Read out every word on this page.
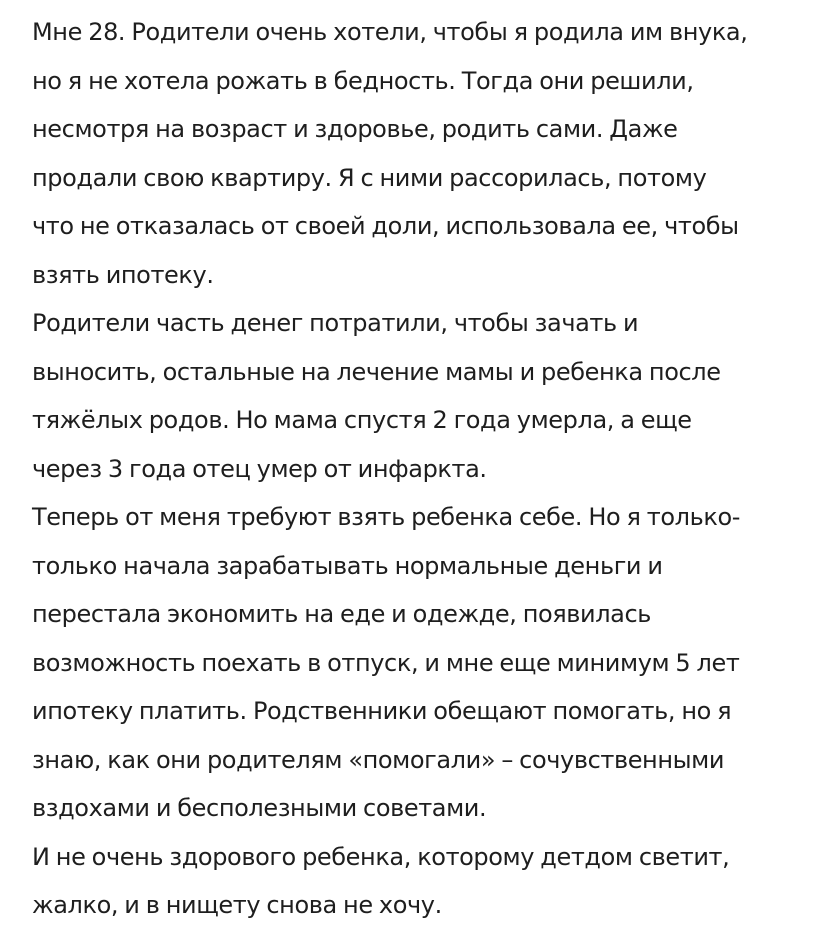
Мне 28. Родители очень хотели, чтобы я родила им внука,
но я не хотела рожать в бедность. Тогда они решили,
несмотря на возраст и здоровье, родить сами. Даже
продали свою квартиру. Я с ними рассорилась, потому
что не отказалась от своей доли, использовала ее, чтобы
взять ипотеку.
Родители часть денег потратили, чтобы зачать и
выносить, остальные на лечение мамы и ребенка после
тяжёлых родов. Но мама спустя 2 года умерла, а еще
через 3 года отец умер от инфаркта.
Теперь от меня требуют взять ребенка себе. Но я только-
только начала зарабатывать нормальные деньги и
перестала экономить на еде и одежде, появилась
возможность поехать в отпуск, и мне еще минимум 5 лет
ипотеку платить. Родственники обещают помогать, но я
знаю, как они родителям «помогали» – сочувственными
вздохами и бесполезными советами.
И не очень здорового ребенка, которому детдом светит,
жалко, и в нищету снова не хочу.
